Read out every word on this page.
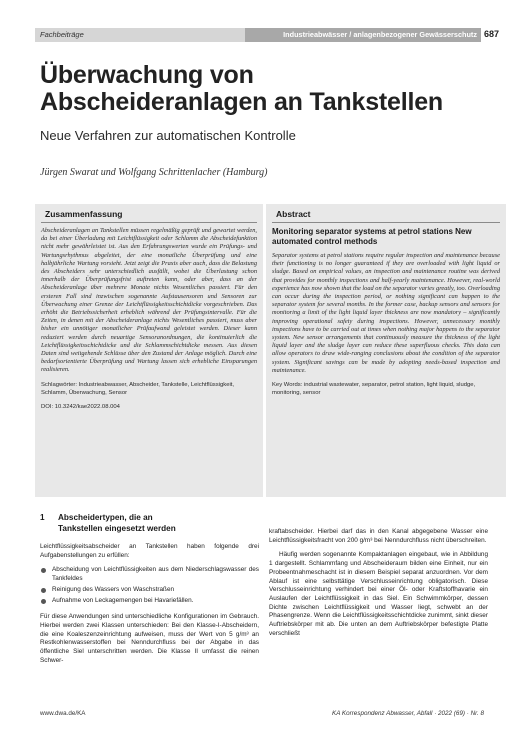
Fachbeiträge	Industrieabwässer / anlagenbezogener Gewässerschutz 687
Überwachung von Abscheideranlagen an Tankstellen
Neue Verfahren zur automatischen Kontrolle
Jürgen Swarat und Wolfgang Schrittenlacher (Hamburg)
Zusammenfassung
Abscheideranlagen an Tankstellen müssen regelmäßig geprüft und gewartet werden, da bei einer Überladung mit Leichtflüssigkeit oder Schlamm die Abscheidefunktion nicht mehr gewährleistet ist. Aus den Erfahrungswerten wurde ein Prüfungs- und Wartungsrhythmus abgeleitet, der eine monatliche Überprüfung und eine halbjährliche Wartung vorsieht. Jetzt zeigt die Praxis aber auch, dass die Belastung des Abscheiders sehr unterschiedlich ausfällt, wobei die Überlastung schon innerhalb der Überprüfungsfrist auftreten kann, oder aber, dass an der Abscheideranlage über mehrere Monate nichts Wesentliches passiert. Für den ersteren Fall sind inzwischen sogenannte Aufstausensoren und Sensoren zur Überwachung einer Grenze der Leichtflüssigkeitsschichtdicke vorgeschrieben. Das erhöht die Betriebssicherheit erheblich während der Prüfungsintervalle. Für die Zeiten, in denen mit der Abscheideranlage nichts Wesentliches passiert, muss aber bisher ein unnötiger monatlicher Prüfaufwand geleistet werden. Dieser kann reduziert werden durch neuartige Sensoranordnungen, die kontinuierlich die Leichtflüssigkeitsschichtdicke und die Schlammschichtdicke messen. Aus diesen Daten sind weitgehende Schlüsse über den Zustand der Anlage möglich. Durch eine bedarfsorientierte Überprüfung und Wartung lassen sich erhebliche Einsparungen realisieren.
Schlagwörter: Industrieabwasser, Abscheider, Tankstelle, Leichtflüssigkeit, Schlamm, Überwachung, Sensor
DOI: 10.3242/kae2022.08.004
Abstract
Monitoring separator systems at petrol stations New automated control methods
Separator systems at petrol stations require regular inspection and maintenance because their functioning is no longer guaranteed if they are overloaded with light liquid or sludge. Based on empirical values, an inspection and maintenance routine was derived that provides for monthly inspections and half-yearly maintenance. However, real-world experience has now shown that the load on the separator varies greatly, too. Overloading can occur during the inspection period, or nothing significant can happen to the separator system for several months. In the former case, backup sensors and sensors for monitoring a limit of the light liquid layer thickness are now mandatory – significantly improving operational safety during inspections. However, unnecessary monthly inspections have to be carried out at times when nothing major happens to the separator system. New sensor arrangements that continuously measure the thickness of the light liquid layer and the sludge layer can reduce these superfluous checks. This data can allow operators to draw wide-ranging conclusions about the condition of the separator system. Significant savings can be made by adopting needs-based inspection and maintenance.
Key Words: industrial wastewater, separator, petrol station, light liquid, sludge, monitoring, sensor
1	Abscheidertypen, die an
Tankstellen eingesetzt werden

Leichtflüssigkeitsabscheider an Tankstellen haben folgende drei Aufgabenstellungen zu erfüllen:

Abscheidung von Leichtflüssigkeiten aus dem Niederschlagswasser des Tankfeldes
Reinigung des Wassers von Waschstraßen
Aufnahme von Leckagemengen bei Havariefällen.

Für diese Anwendungen sind unterschiedliche Konfigurationen im Gebrauch. Hierbei werden zwei Klassen unterschieden: Bei den Klasse-I-Abscheidern, die eine Koaleszenzeinrichtung aufweisen, muss der Wert von 5 g/m³ an Restkohlenwasserstoffen bei Nenndurchfluss bei der Abgabe in das öffentliche Siel unterschritten werden. Die Klasse II umfasst die reinen Schwer-

kraftabscheider. Hierbei darf das in den Kanal abgegebene Wasser eine Leichtflüssigkeitsfracht von 200 g/m³ bei Nenndurchfluss nicht überschreiten.

Häufig werden sogenannte Kompaktanlagen eingebaut, wie in Abbildung 1 dargestellt. Schlammfang und Abscheideraum bilden eine Einheit, nur ein Probeentnahmeschacht ist in diesem Beispiel separat anzuordnen. Vor dem Ablauf ist eine selbsttätige Verschlusseinrichtung obligatorisch. Diese Verschlusseinrichtung verhindert bei einer Öl- oder Kraftstoffhavarie ein Auslaufen der Leichtflüssigkeit in das Siel. Ein Schwimmkörper, dessen Dichte zwischen Leichtflüssigkeit und Wasser liegt, schwebt an der Phasengrenze. Wenn die Leichtflüssigkeitsschichtdicke zunimmt, sinkt dieser Auftriebskörper mit ab. Die unten an dem Auftriebskörper befestigte Platte verschließt

www.dwa.de/KA	KA Korrespondenz Abwasser, Abfall · 2022 (69) · Nr. 8
